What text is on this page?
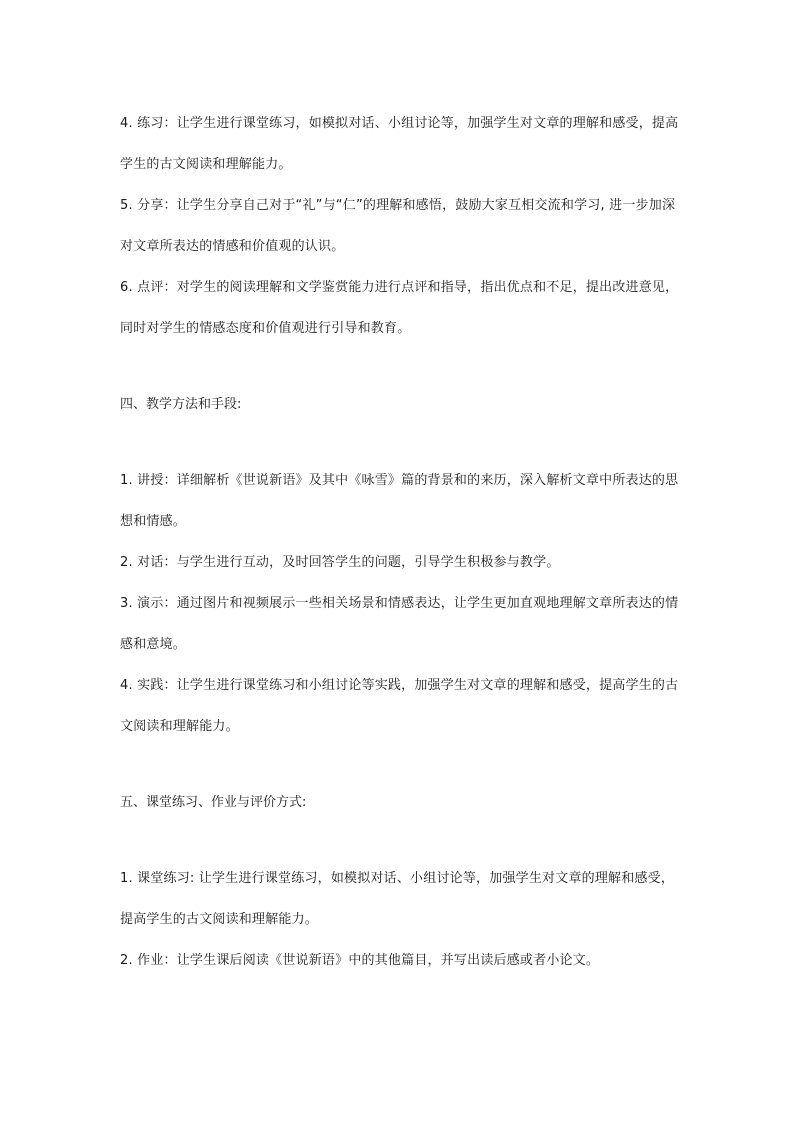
4. 练习：让学生进行课堂练习，如模拟对话、小组讨论等，加强学生对文章的理解和感受，提高学生的古文阅读和理解能力。

5. 分享：让学生分享自己对于“礼”与“仁”的理解和感悟，鼓励大家互相交流和学习, 进一步加深对文章所表达的情感和价值观的认识。

6. 点评：对学生的阅读理解和文学鉴赏能力进行点评和指导，指出优点和不足，提出改进意见，同时对学生的情感态度和价值观进行引导和教育。

四、教学方法和手段:

1. 讲授：详细解析《世说新语》及其中《咏雪》篇的背景和的来历，深入解析文章中所表达的思想和情感。

2. 对话：与学生进行互动，及时回答学生的问题，引导学生积极参与教学。

3. 演示：通过图片和视频展示一些相关场景和情感表达，让学生更加直观地理解文章所表达的情感和意境。

4. 实践：让学生进行课堂练习和小组讨论等实践，加强学生对文章的理解和感受，提高学生的古文阅读和理解能力。

五、课堂练习、作业与评价方式:

1. 课堂练习: 让学生进行课堂练习，如模拟对话、小组讨论等，加强学生对文章的理解和感受，提高学生的古文阅读和理解能力。

2. 作业：让学生课后阅读《世说新语》中的其他篇目，并写出读后感或者小论文。
